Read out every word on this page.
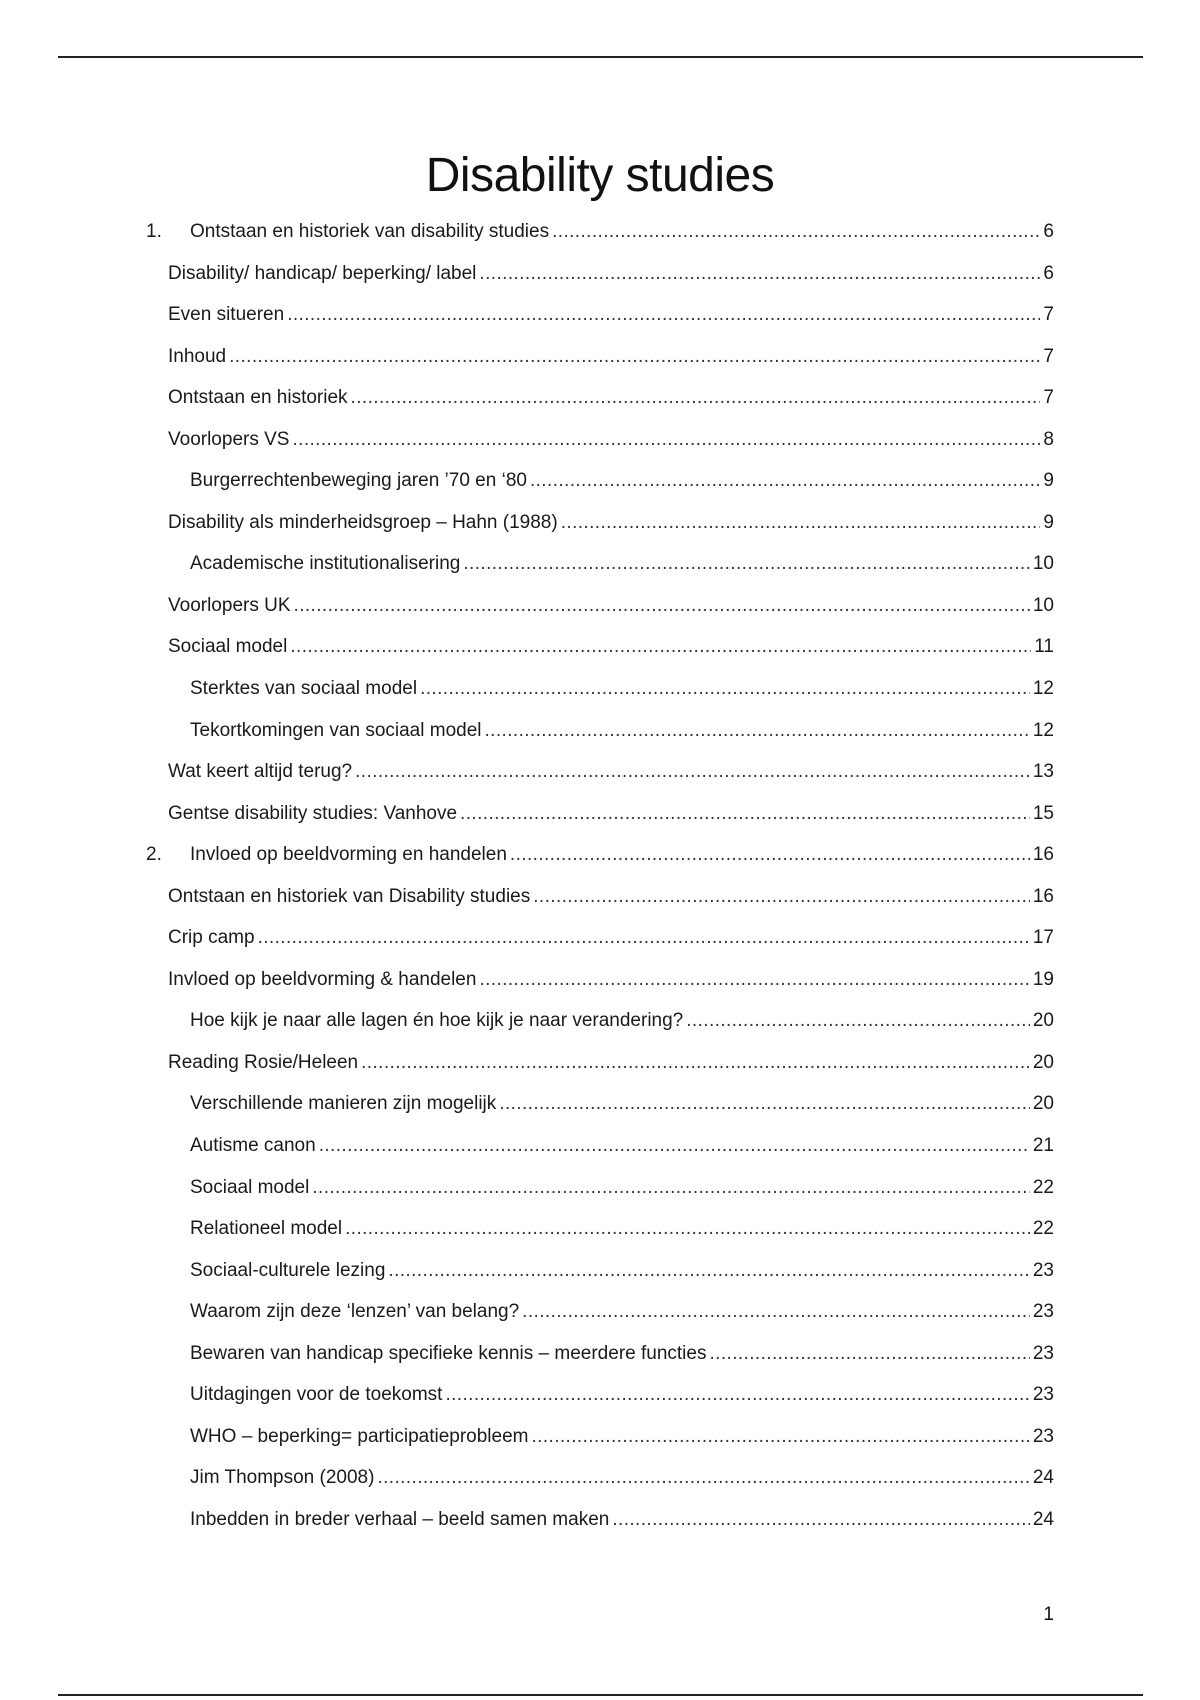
Disability studies
1.	Ontstaan en historiek van disability studies .....	6
Disability/ handicap/ beperking/ label .....	6
Even situeren .....	7
Inhoud .....	7
Ontstaan en historiek .....	7
Voorlopers VS .....	8
Burgerrechtenbeweging jaren ’70 en ‘80 .....	9
Disability als minderheidsgroep – Hahn (1988) .....	9
Academische institutionalisering .....	10
Voorlopers UK .....	10
Sociaal model .....	11
Sterktes van sociaal model .....	12
Tekortkomingen van sociaal model .....	12
Wat keert altijd terug? .....	13
Gentse disability studies: Vanhove .....	15
2.	Invloed op beeldvorming en handelen .....	16
Ontstaan en historiek van Disability studies .....	16
Crip camp .....	17
Invloed op beeldvorming & handelen .....	19
Hoe kijk je naar alle lagen én hoe kijk je naar verandering? .....	20
Reading Rosie/Heleen .....	20
Verschillende manieren zijn mogelijk .....	20
Autisme canon .....	21
Sociaal model .....	22
Relationeel model .....	22
Sociaal-culturele lezing .....	23
Waarom zijn deze ‘lenzen’ van belang? .....	23
Bewaren van handicap specifieke kennis – meerdere functies .....	23
Uitdagingen voor de toekomst .....	23
WHO – beperking= participatieprobleem .....	23
Jim Thompson (2008) .....	24
Inbedden in breder verhaal – beeld samen maken .....	24
1
